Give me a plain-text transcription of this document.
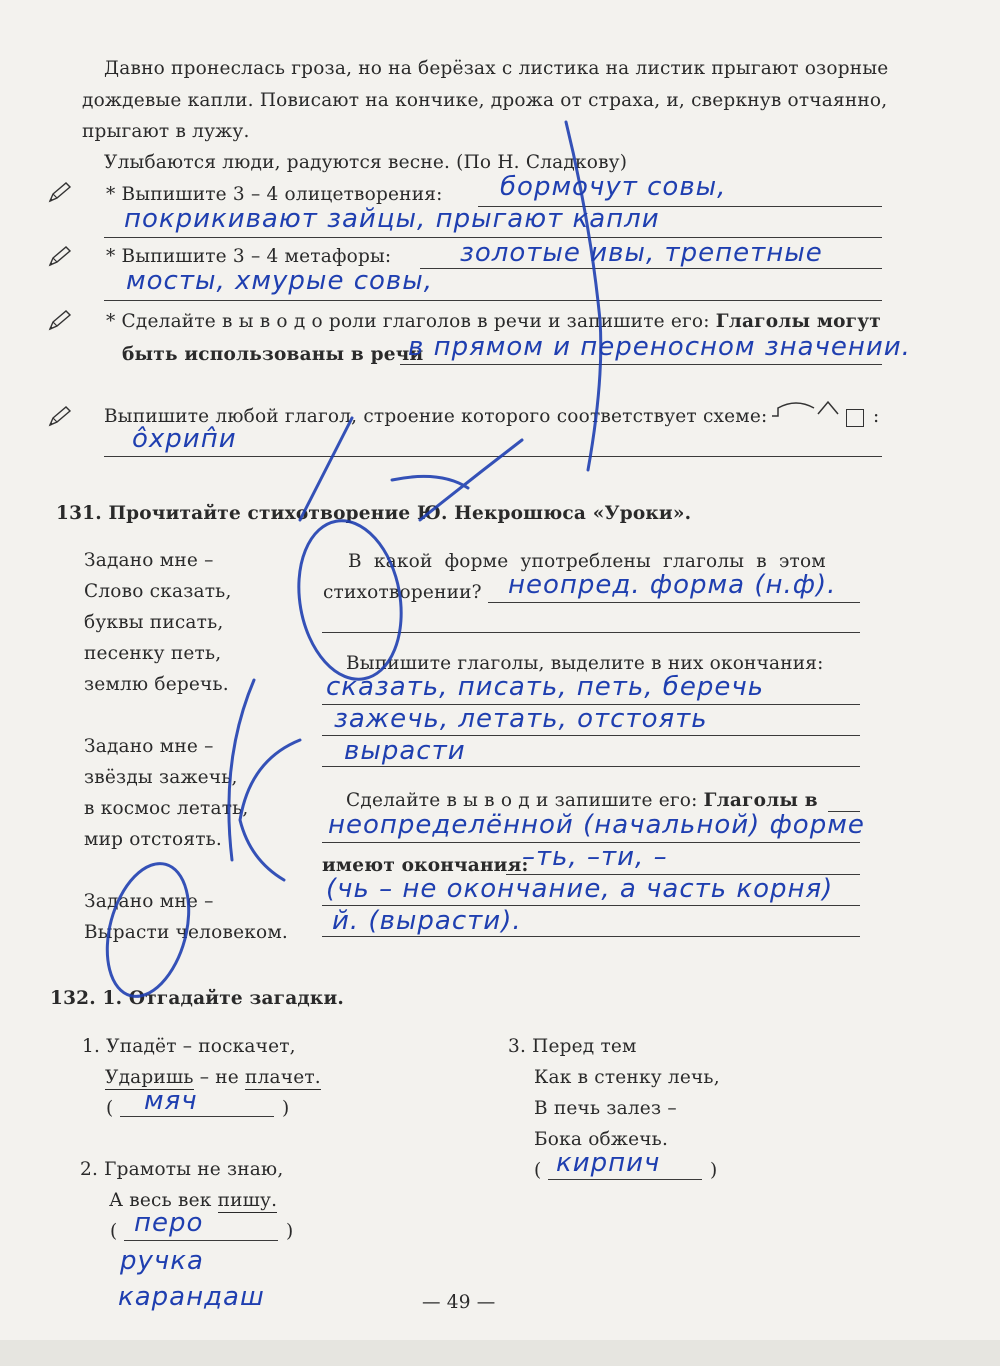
Давно пронеслась гроза, но на берёзах с листика на листик прыгают озорные
дождевые капли. Повисают на кончике, дрожа от страха, и, сверкнув отчаянно,
прыгают в лужу.
Улыбаются люди, радуются весне. (По Н. Сладкову)
* Выпишите 3 – 4 олицетворения: бормочут совы,
покрикивают зайцы, прыгают капли
* Выпишите 3 – 4 метафоры:	золотые ивы, трепетные
мосты, хмурые совы,
* Сделайте в ы в о д о роли глаголов в речи и запишите его: Глаголы могут
быть использованы в речи
в прямом и переносном значении.
Выпишите любой глагол, строение которого соответствует схеме:	:
о̂хрип̂и
131. Прочитайте стихотворение Ю. Некрошюса «Уроки».
Задано мне –
Слово сказать,
буквы писать,
песенку петь,
землю беречь.
Задано мне –
звёзды зажечь,
в космос летать,
мир отстоять.
Задано мне –
Вырасти человеком.
В какой форме употреблены глаголы в этом
стихотворении? неопред. форма (н.ф).
Выпишите глаголы, выделите в них окончания:
сказать, писать, петь, беречь
зажечь, летать, отстоять
вырасти
Сделайте в ы в о д и запишите его: Глаголы в
неопределённой (начальной) форме
имеют окончания:
–ть, –ти, –
(чь – не окончание, а часть корня)
й. (вырасти).
132. 1. Отгадайте загадки.
1. Упадёт – поскачет,
Ударишь – не плачет.
( мяч	)
2. Грамоты не знаю,
А весь век пишу.
( перо	)
ручка
карандаш
3. Перед тем
Как в стенку лечь,
В печь залез –
Бока обжечь.
( кирпич	)
— 49 —
